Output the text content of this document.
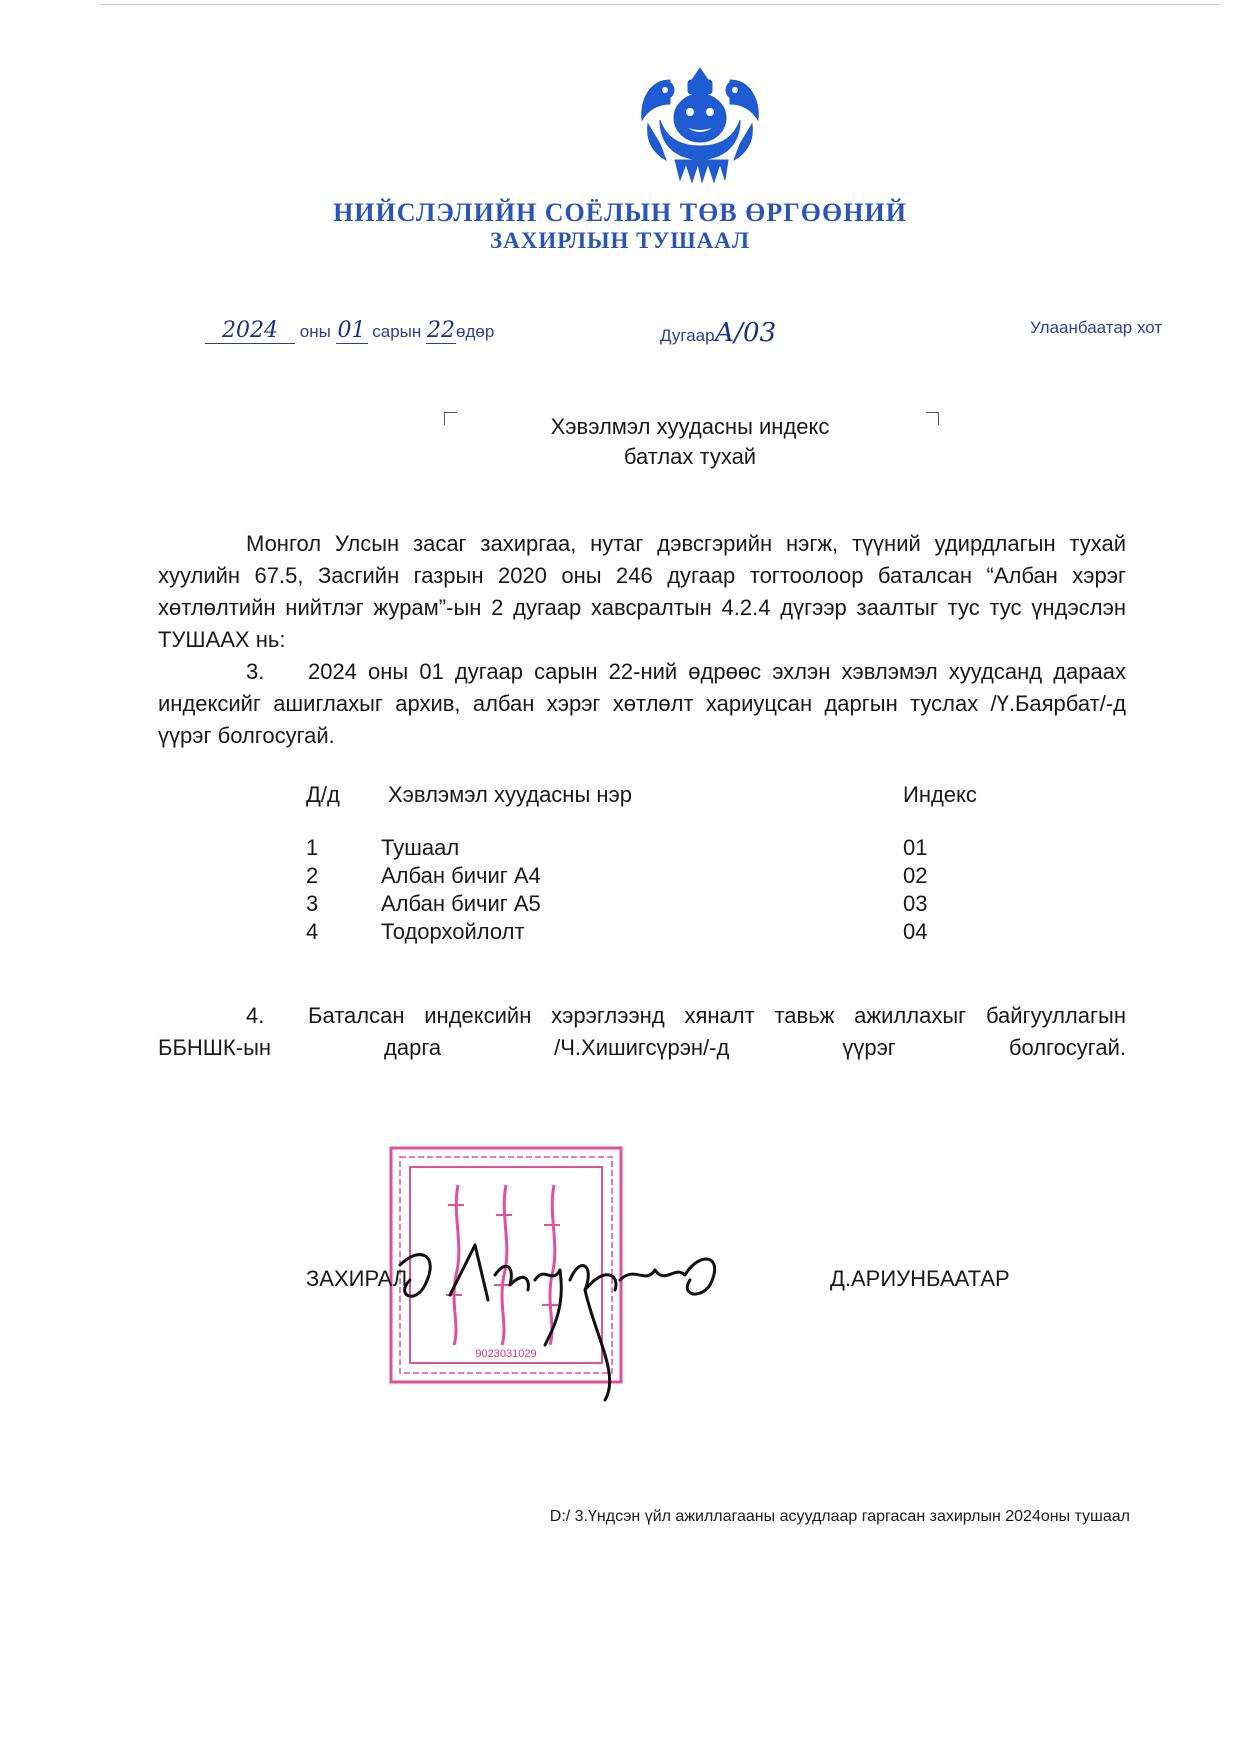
НИЙСЛЭЛИЙН СОЁЛЫН ТӨВ ӨРГӨӨНИЙ
ЗАХИРЛЫН ТУШААЛ
2024 оны 01 сарын 22өдөр	ДугаарА/03	Улаанбаатар хот
Хэвэлмэл хуудасны индекс
батлах тухай

Монгол Улсын засаг захиргаа, нутаг дэвсгэрийн нэгж, түүний удирдлагын тухай хуулийн 67.5, Засгийн газрын 2020 оны 246 дугаар тогтоолоор баталсан “Албан хэрэг хөтлөлтийн нийтлэг журам”-ын 2 дугаар хавсралтын 4.2.4 дүгээр заалтыг тус тус үндэслэн ТУШААХ нь:

3. 2024 оны 01 дугаар сарын 22-ний өдрөөс эхлэн хэвлэмэл хуудсанд дараах индексийг ашиглахыг архив, албан хэрэг хөтлөлт хариуцсан даргын туслах /Ү.Баярбат/-д үүрэг болгосугай.

Д/д Хэвлэмэл хуудасны нэр	Индекс
1	Тушаал	01
2	Албан бичиг А4	02
3	Албан бичиг А5	03
4	Тодорхойлолт	04

4. Баталсан индексийн хэрэглээнд хяналт тавьж ажиллахыг байгууллагын ББНШК-ын дарга /Ч.Хишигсүрэн/-д үүрэг болгосугай.

9023031029
ЗАХИРАЛ	Д.АРИУНБААТАР
D:/ 3.Үндсэн үйл ажиллагааны асуудлаар гаргасан захирлын 2024оны тушаал
